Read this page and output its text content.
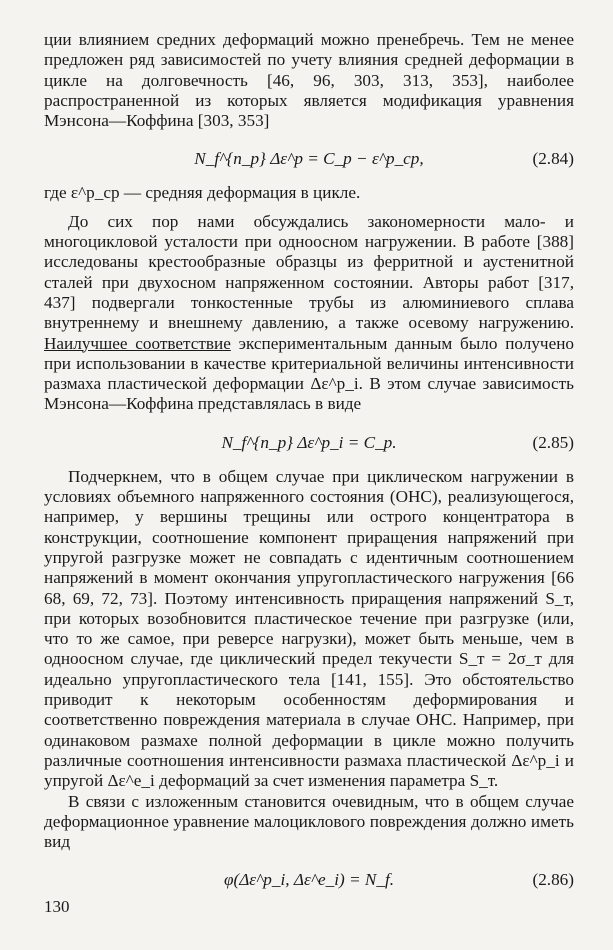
ции влиянием средних деформаций можно пренебречь. Тем не менее предложен ряд зависимостей по учету влияния средней деформации в цикле на долговечность [46, 96, 303, 313, 353], наиболее распространенной из которых является модификация уравнения Мэнсона—Коффина [303, 353]

N_f^{n_p} Δε^p = C_p − ε^p_ср,	(2.84)

где ε^p_ср — средняя деформация в цикле.

До сих пор нами обсуждались закономерности мало- и многоцикловой усталости при одноосном нагружении. В работе [388] исследованы крестообразные образцы из ферритной и аустенитной сталей при двухосном напряженном состоянии. Авторы работ [317, 437] подвергали тонкостенные трубы из алюминиевого сплава внутреннему и внешнему давлению, а также осевому нагружению. Наилучшее соответствие экспериментальным данным было получено при использовании в качестве критериальной величины интенсивности размаха пластической деформации Δε^p_i. В этом случае зависимость Мэнсона—Коффина представлялась в виде

N_f^{n_p} Δε^p_i = C_p.	(2.85)

Подчеркнем, что в общем случае при циклическом нагружении в условиях объемного напряженного состояния (ОНС), реализующегося, например, у вершины трещины или острого концентратора в конструкции, соотношение компонент приращения напряжений при упругой разгрузке может не совпадать с идентичным соотношением напряжений в момент окончания упругопластического нагружения [66 68, 69, 72, 73]. Поэтому интенсивность приращения напряжений S_т, при которых возобновится пластическое течение при разгрузке (или, что то же самое, при реверсе нагрузки), может быть меньше, чем в одноосном случае, где циклический предел текучести S_т = 2σ_т для идеально упругопластического тела [141, 155]. Это обстоятельство приводит к некоторым особенностям деформирования и соответственно повреждения материала в случае ОНС. Например, при одинаковом размахе полной деформации в цикле можно получить различные соотношения интенсивности размаха пластической Δε^p_i и упругой Δε^e_i деформаций за счет изменения параметра S_т.

В связи с изложенным становится очевидным, что в общем случае деформационное уравнение малоциклового повреждения должно иметь вид

φ(Δε^p_i, Δε^e_i) = N_f.	(2.86)
130
